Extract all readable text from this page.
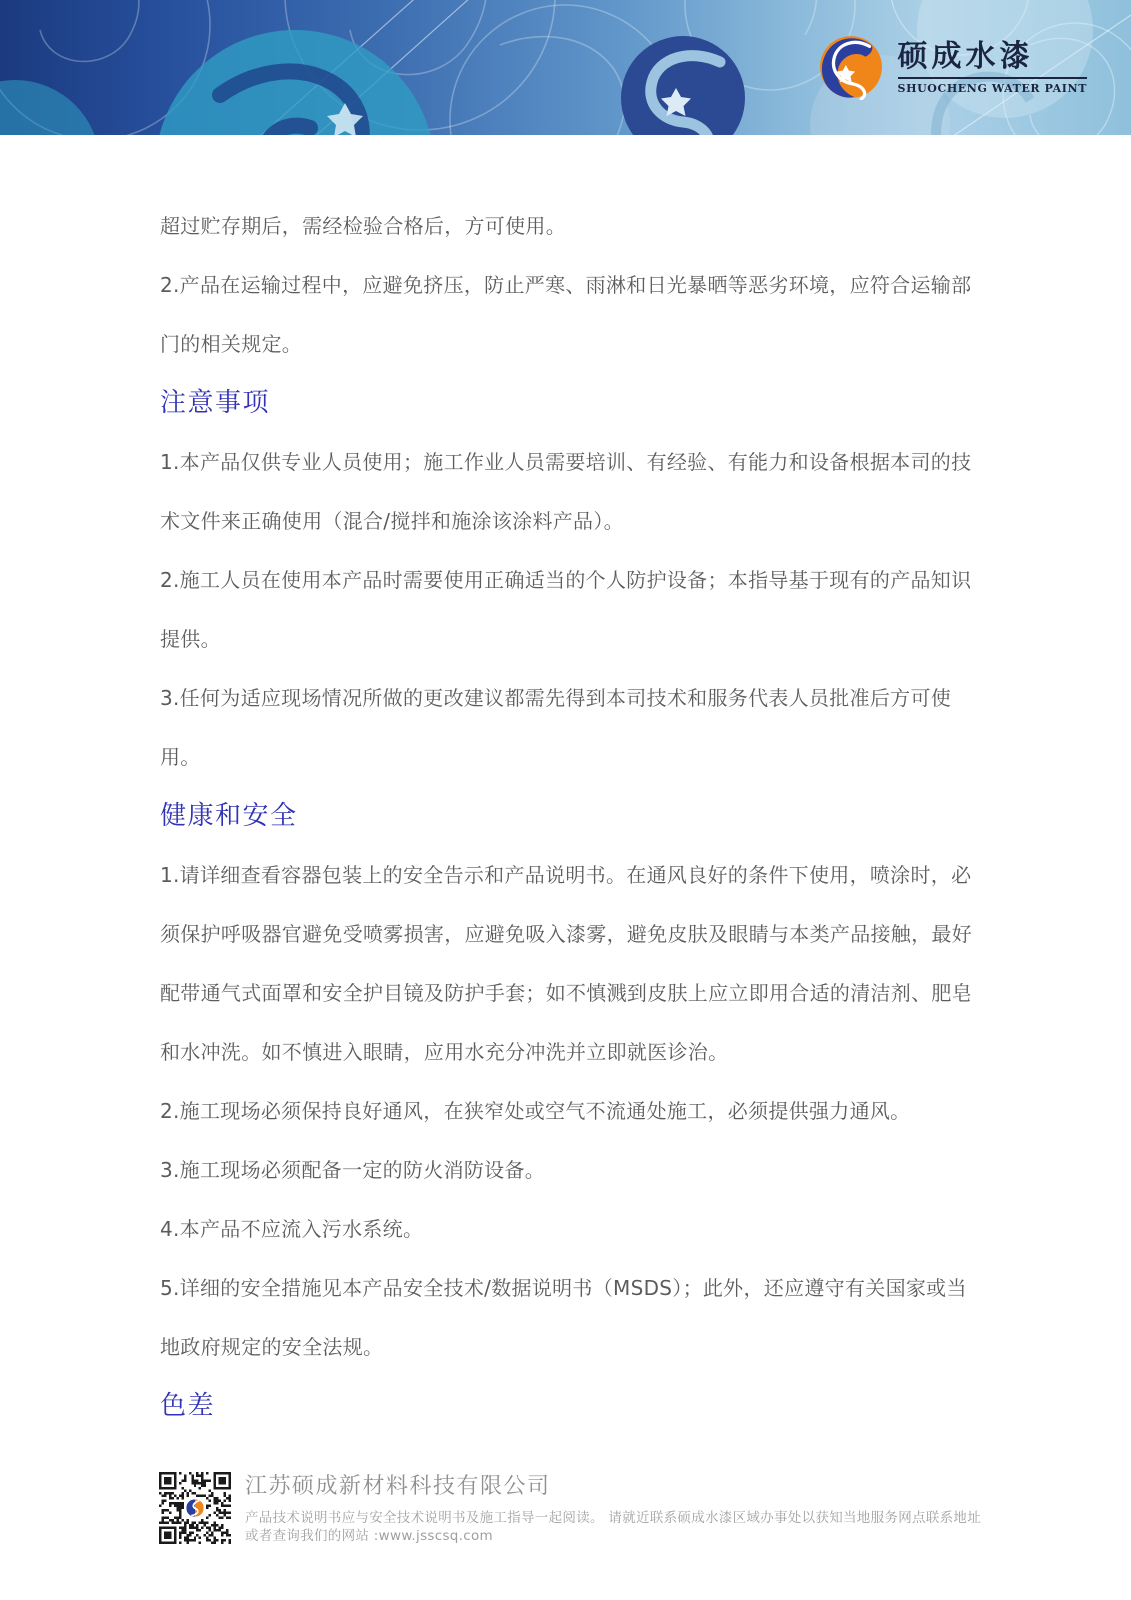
硕成水漆
SHUOCHENG WATER PAINT
超过贮存期后，需经检验合格后，方可使用。
2.产品在运输过程中，应避免挤压，防止严寒、雨淋和日光暴晒等恶劣环境，应符合运输部
门的相关规定。
注意事项
1.本产品仅供专业人员使用；施工作业人员需要培训、有经验、有能力和设备根据本司的技
术文件来正确使用（混合/搅拌和施涂该涂料产品）。
2.施工人员在使用本产品时需要使用正确适当的个人防护设备；本指导基于现有的产品知识
提供。
3.任何为适应现场情况所做的更改建议都需先得到本司技术和服务代表人员批准后方可使
用。
健康和安全
1.请详细查看容器包装上的安全告示和产品说明书。在通风良好的条件下使用，喷涂时，必
须保护呼吸器官避免受喷雾损害，应避免吸入漆雾，避免皮肤及眼睛与本类产品接触，最好
配带通气式面罩和安全护目镜及防护手套；如不慎溅到皮肤上应立即用合适的清洁剂、肥皂
和水冲洗。如不慎进入眼睛，应用水充分冲洗并立即就医诊治。
2.施工现场必须保持良好通风，在狭窄处或空气不流通处施工，必须提供强力通风。
3.施工现场必须配备一定的防火消防设备。
4.本产品不应流入污水系统。
5.详细的安全措施见本产品安全技术/数据说明书（MSDS）；此外，还应遵守有关国家或当
地政府规定的安全法规。
色差
江苏硕成新材料科技有限公司
产品技术说明书应与安全技术说明书及施工指导一起阅读。 请就近联系硕成水漆区域办事处以获知当地服务网点联系地址
或者查询我们的网站 :www.jsscsq.com
